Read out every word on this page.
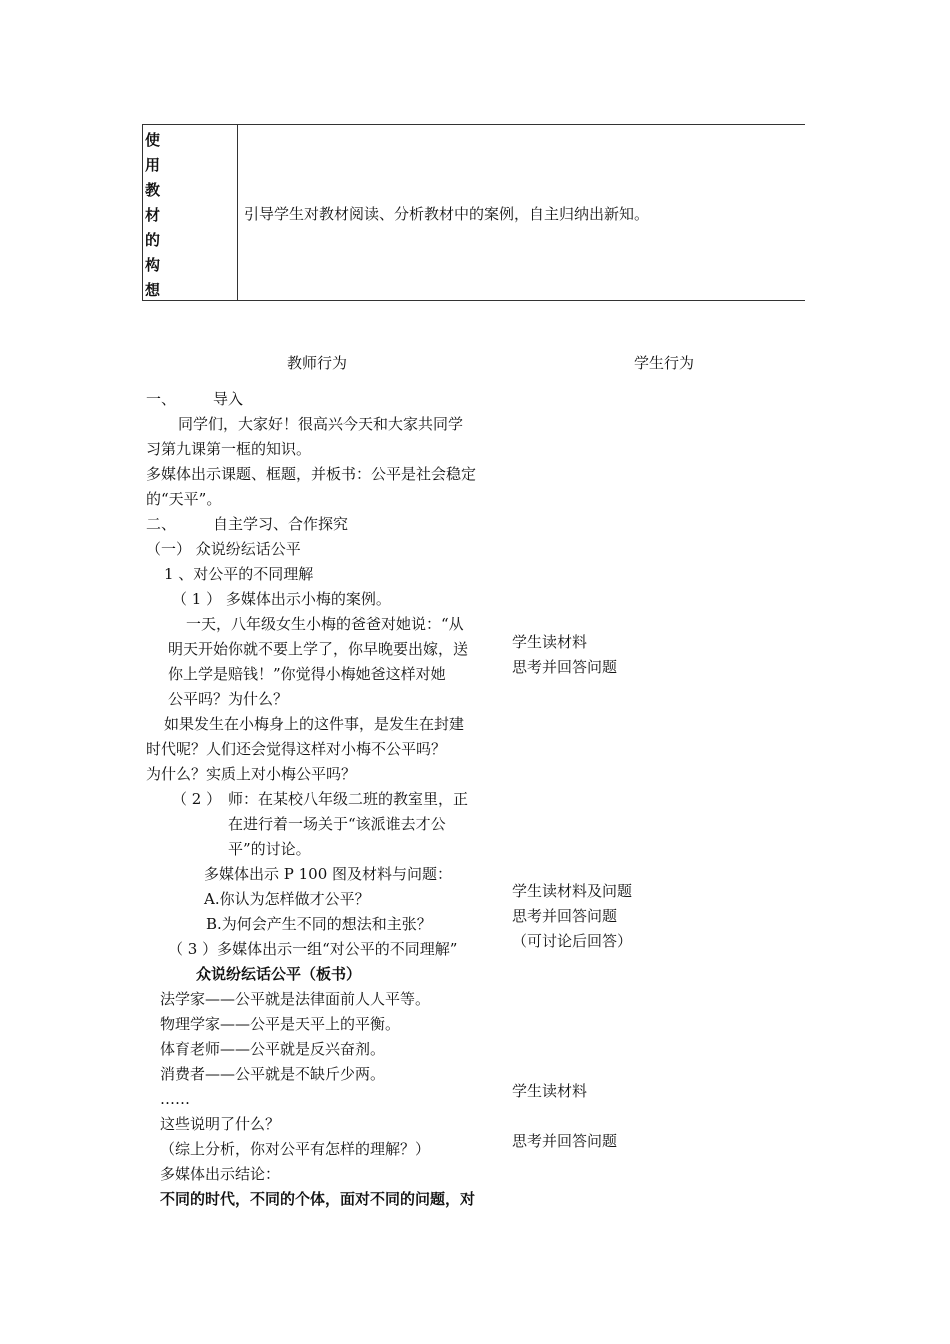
使
用
教
材
的
构
想
引导学生对教材阅读、分析教材中的案例，自主归纳出新知。
教师行为	学生行为
一、 导入
同学们，大家好！很高兴今天和大家共同学
习第九课第一框的知识。
多媒体出示课题、框题，并板书：公平是社会稳定
的“天平”。
二、 自主学习、合作探究
（一） 众说纷纭话公平
1 、对公平的不同理解
（ 1 ） 多媒体出示小梅的案例。
一天，八年级女生小梅的爸爸对她说：“从
明天开始你就不要上学了，你早晚要出嫁，送
你上学是赔钱！”你觉得小梅她爸这样对她
公平吗？为什么？
如果发生在小梅身上的这件事，是发生在封建
时代呢？人们还会觉得这样对小梅不公平吗？
为什么？实质上对小梅公平吗？
（ 2 ） 师：在某校八年级二班的教室里，正
在进行着一场关于“该派谁去才公
平”的讨论。
多媒体出示 P 100 图及材料与问题：
A.你认为怎样做才公平？
B.为何会产生不同的想法和主张？
（ 3 ）多媒体出示一组“对公平的不同理解”
众说纷纭话公平（板书）
法学家——公平就是法律面前人人平等。
物理学家——公平是天平上的平衡。
体育老师——公平就是反兴奋剂。
消费者——公平就是不缺斤少两。
……
这些说明了什么？
（综上分析，你对公平有怎样的理解？）
多媒体出示结论：
不同的时代，不同的个体，面对不同的问题，对
学生读材料
思考并回答问题
学生读材料及问题
思考并回答问题
（可讨论后回答）
学生读材料
思考并回答问题
